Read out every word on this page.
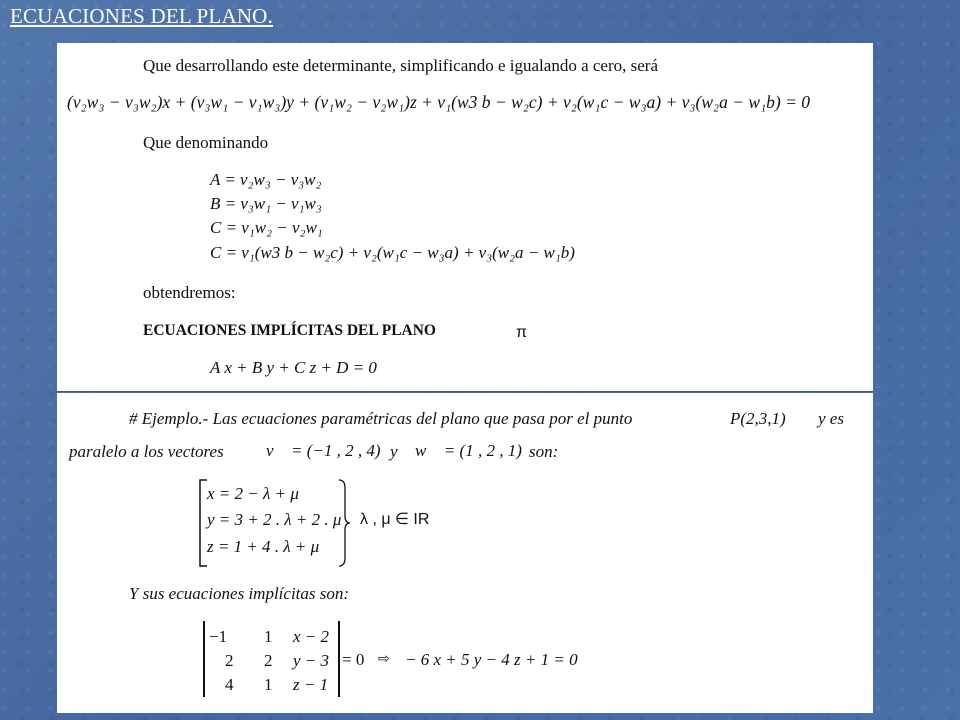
ECUACIONES DEL PLANO.
Que desarrollando este determinante, simplificando e igualando a cero, será
(v₂w₃ − v₃w₂)x + (v₃w₁ − v₁w₃)y + (v₁w₂ − v₂w₁)z + v₁(w3 b − w₂c) + v₂(w₁c − w₃a) + v₃(w₂a − w₁b) = 0
Que denominando
A = v₂w₃ − v₃w₂
B = v₃w₁ − v₁w₃
C = v₁w₂ − v₂w₁
C = v₁(w3 b − w₂c) + v₂(w₁c − w₃a) + v₃(w₂a − w₁b)
obtendremos:
ECUACIONES IMPLÍCITAS DEL PLANO	π
A x + B y + C z + D = 0
# Ejemplo.- Las ecuaciones paramétricas del plano que pasa por el punto	P(2,3,1) y es
paralelo a los vectores v⃗ = (−1 , 2 , 4) y w⃗ = (1 , 2 , 1) son:
x = 2 − λ + μ
y = 3 + 2 . λ + 2 . μ
z = 1 + 4 . λ + μ
λ , μ ∈ IR
Y sus ecuaciones implícitas son:
−1 1 x − 2
2 2 y − 3
4 1 z − 1
= 0 ⇨ − 6 x + 5 y − 4 z + 1 = 0
